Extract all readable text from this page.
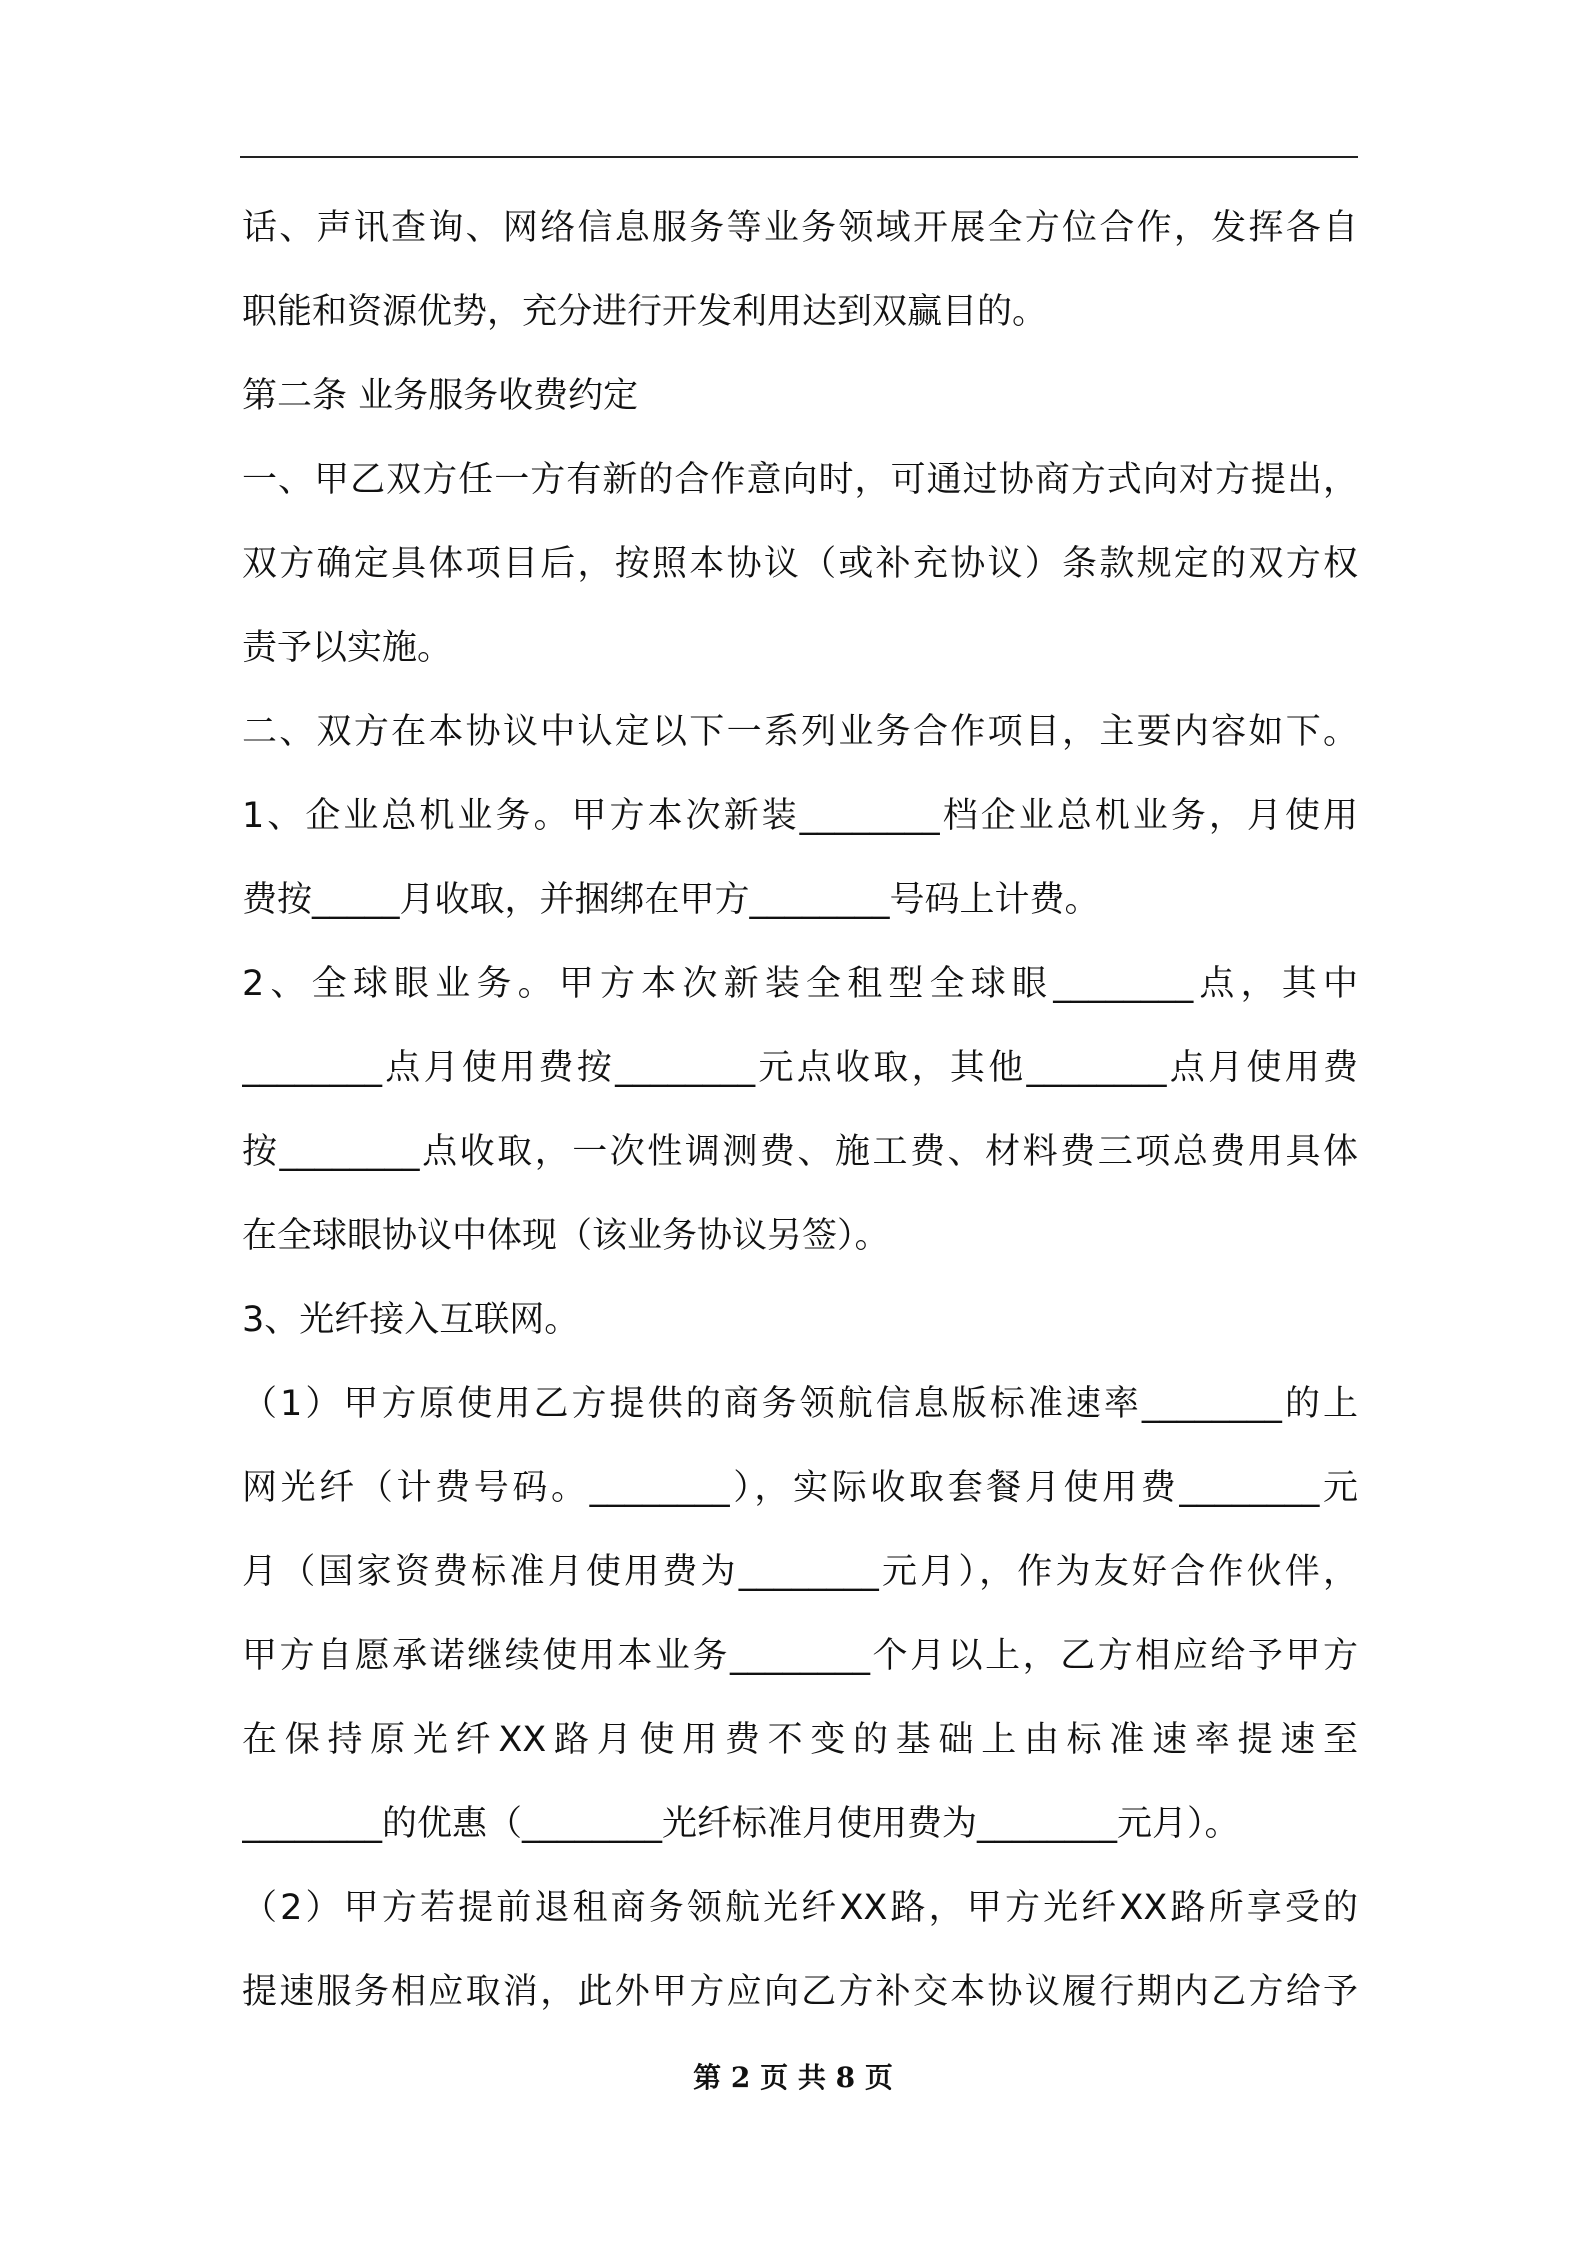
话、声讯查询、网络信息服务等业务领域开展全方位合作，发挥各自
职能和资源优势，充分进行开发利用达到双赢目的。
第二条 业务服务收费约定
一、甲乙双方任一方有新的合作意向时，可通过协商方式向对方提出，
双方确定具体项目后，按照本协议（或补充协议）条款规定的双方权
责予以实施。
二、双方在本协议中认定以下一系列业务合作项目，主要内容如下。
1、企业总机业务。甲方本次新装________档企业总机业务，月使用
费按_____月收取，并捆绑在甲方________号码上计费。
2、全球眼业务。甲方本次新装全租型全球眼________点，其中
________点月使用费按________元点收取，其他________点月使用费
按________点收取，一次性调测费、施工费、材料费三项总费用具体
在全球眼协议中体现（该业务协议另签）。
3、光纤接入互联网。
（1）甲方原使用乙方提供的商务领航信息版标准速率________的上
网光纤（计费号码。________），实际收取套餐月使用费________元
月（国家资费标准月使用费为________元月），作为友好合作伙伴，
甲方自愿承诺继续使用本业务________个月以上，乙方相应给予甲方
在保持原光纤XX路月使用费不变的基础上由标准速率提速至
________的优惠（________光纤标准月使用费为________元月）。
（2）甲方若提前退租商务领航光纤XX路，甲方光纤XX路所享受的
提速服务相应取消，此外甲方应向乙方补交本协议履行期内乙方给予
第 2 页 共 8 页
